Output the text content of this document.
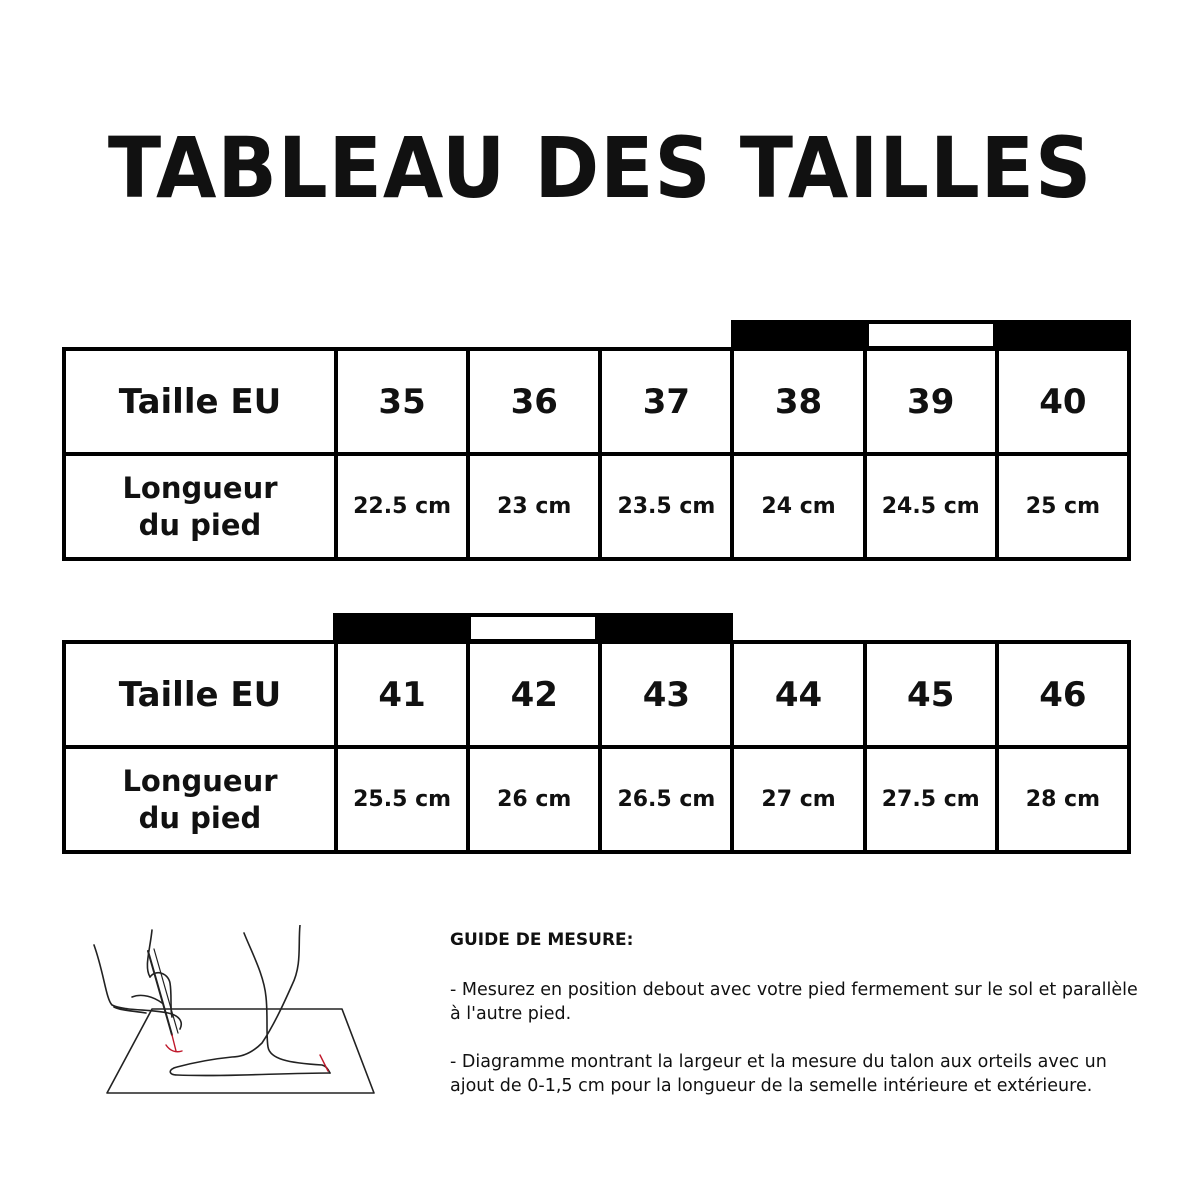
TABLEAU DES TAILLES
Taille EU	35	36	37	38	39	40

Longueur
du pied	22.5 cm	23 cm	23.5 cm	24 cm	24.5 cm	25 cm
Taille EU	41	42	43	44	45	46

Longueur
du pied	25.5 cm	26 cm	26.5 cm	27 cm	27.5 cm	28 cm
GUIDE DE MESURE:

- Mesurez en position debout avec votre pied fermement sur le sol et parallèle à l'autre pied.

- Diagramme montrant la largeur et la mesure du talon aux orteils avec un ajout de 0-1,5 cm pour la longueur de la semelle intérieure et extérieure.
